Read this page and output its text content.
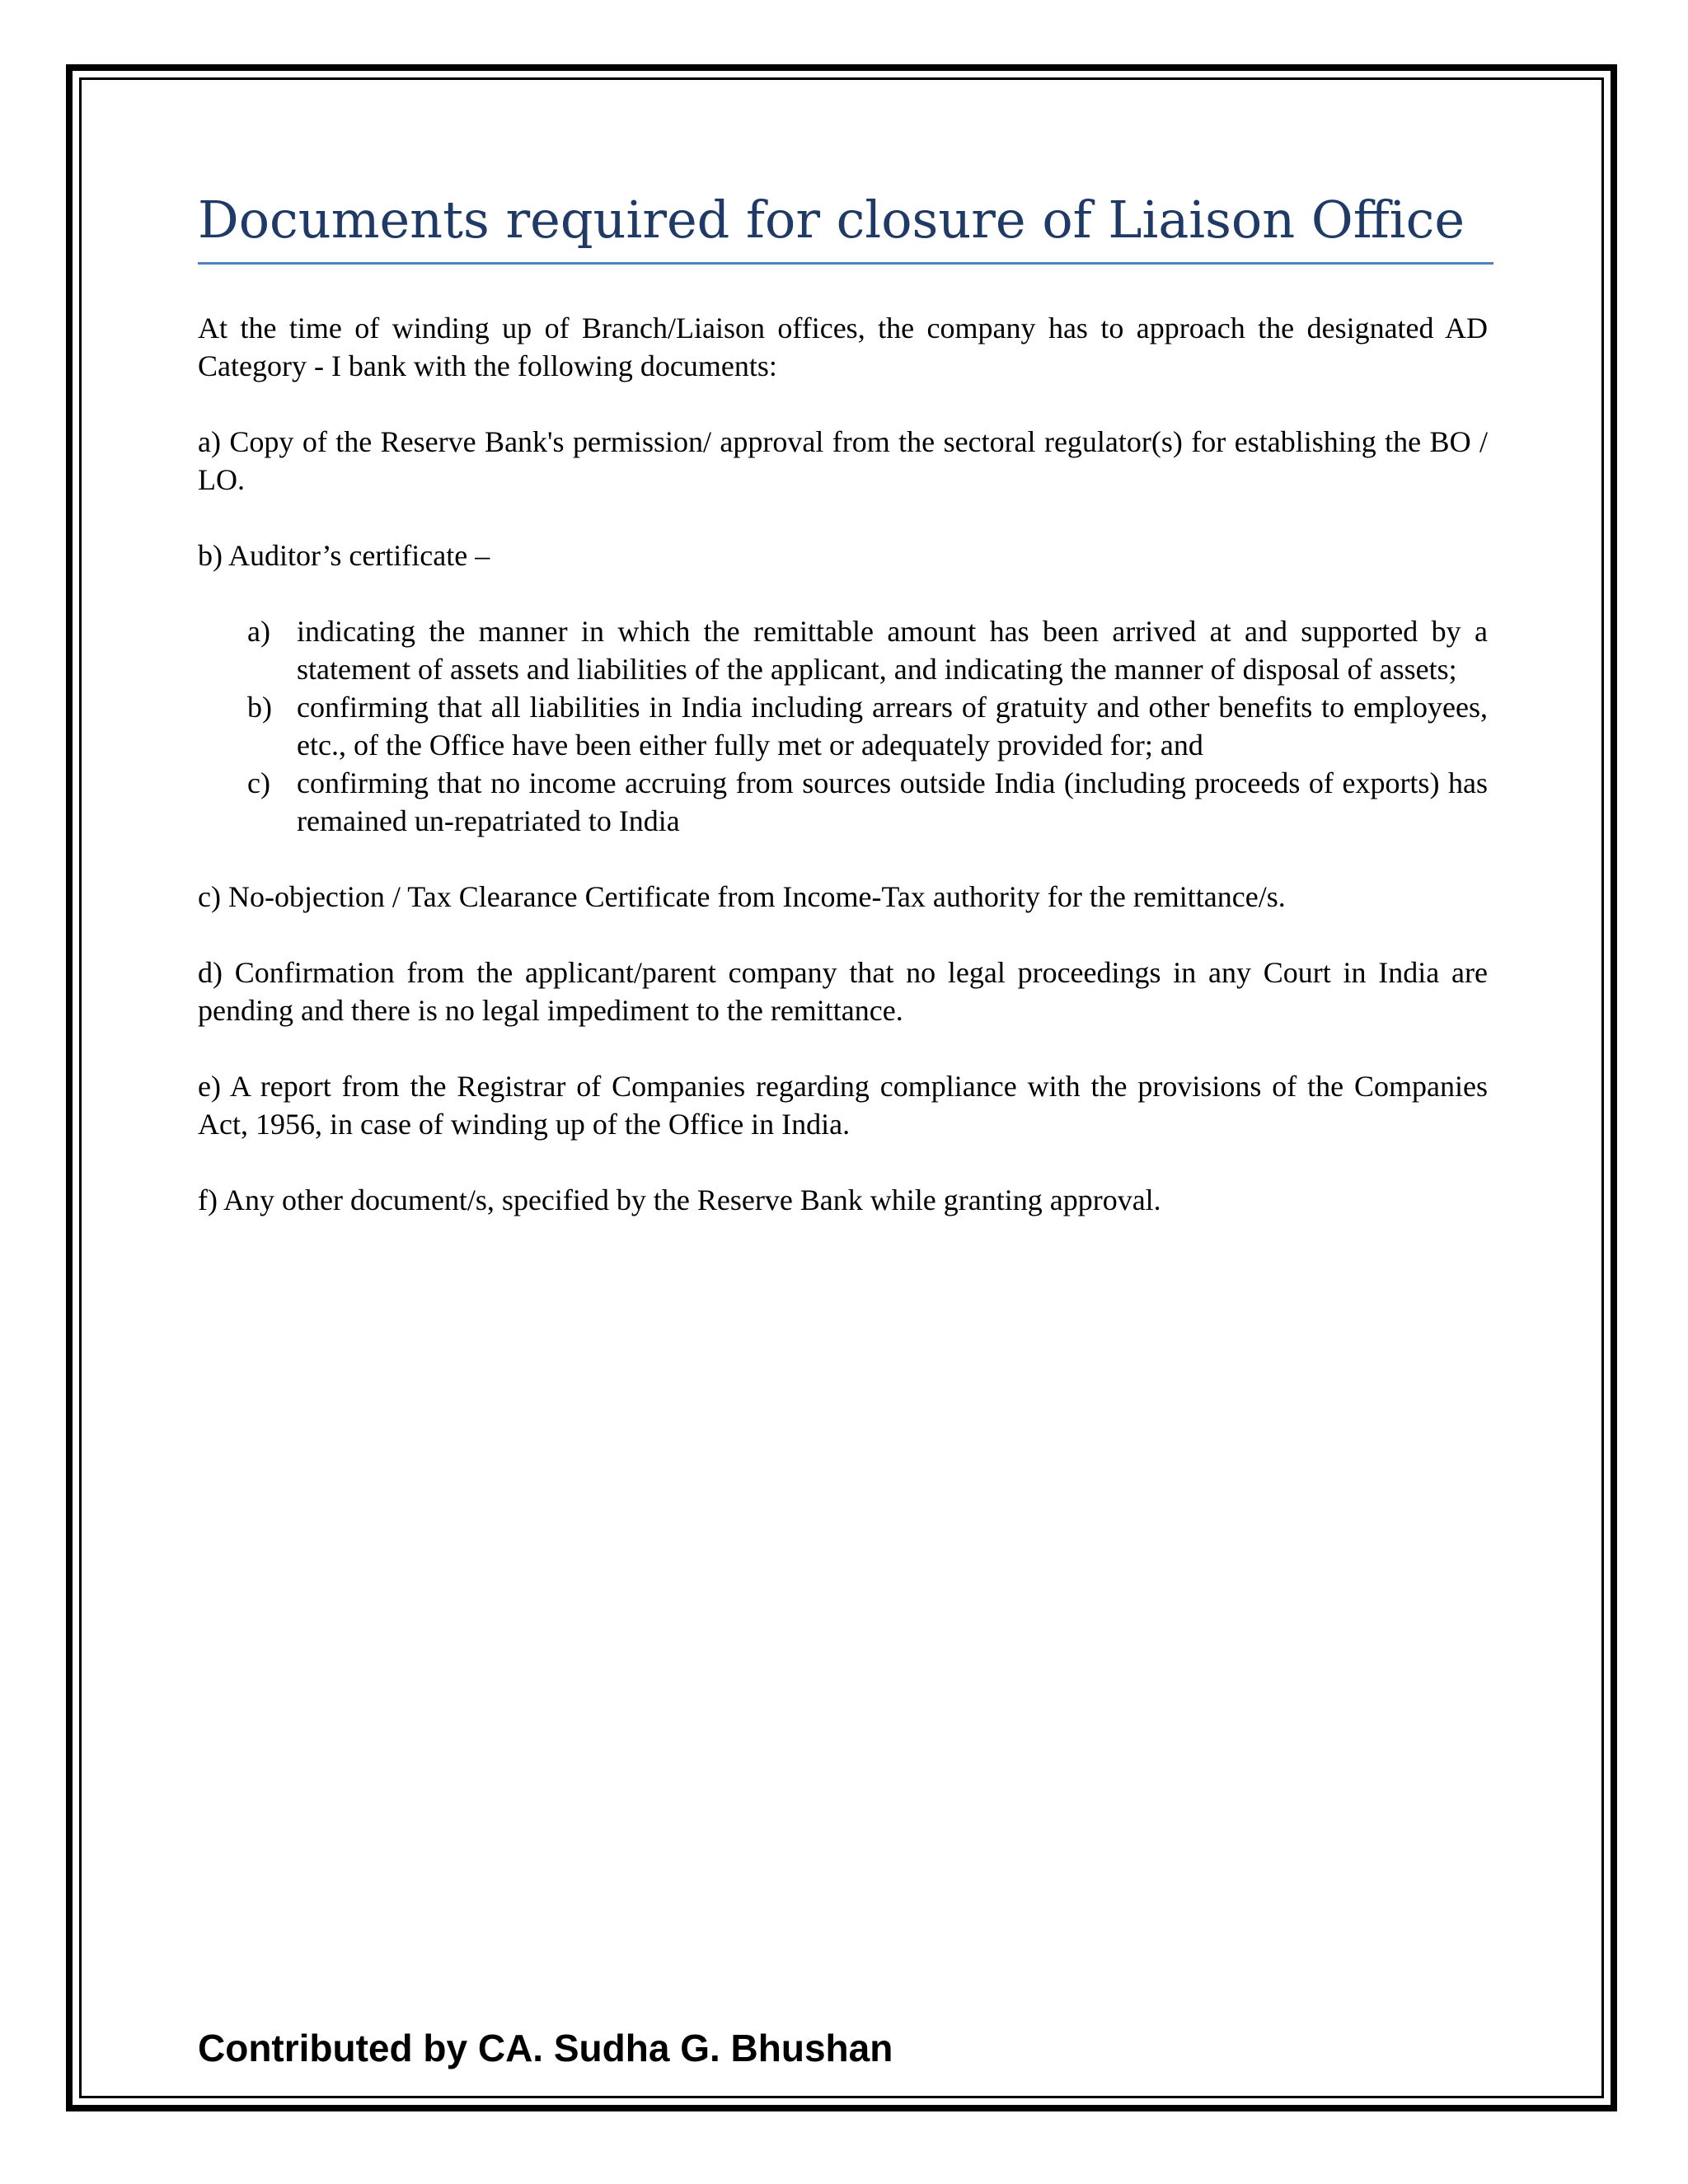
Documents required for closure of Liaison Office

At the time of winding up of Branch/Liaison offices, the company has to approach the designated AD Category - I bank with the following documents:

a) Copy of the Reserve Bank's permission/ approval from the sectoral regulator(s) for establishing the BO / LO.

b) Auditor’s certificate –

a) indicating the manner in which the remittable amount has been arrived at and supported by a statement of assets and liabilities of the applicant, and indicating the manner of disposal of assets;
b) confirming that all liabilities in India including arrears of gratuity and other benefits to employees, etc., of the Office have been either fully met or adequately provided for; and
c) confirming that no income accruing from sources outside India (including proceeds of exports) has remained un-repatriated to India

c) No-objection / Tax Clearance Certificate from Income-Tax authority for the remittance/s.

d) Confirmation from the applicant/parent company that no legal proceedings in any Court in India are pending and there is no legal impediment to the remittance.

e) A report from the Registrar of Companies regarding compliance with the provisions of the Companies Act, 1956, in case of winding up of the Office in India.

f) Any other document/s, specified by the Reserve Bank while granting approval.

Contributed by CA. Sudha G. Bhushan
